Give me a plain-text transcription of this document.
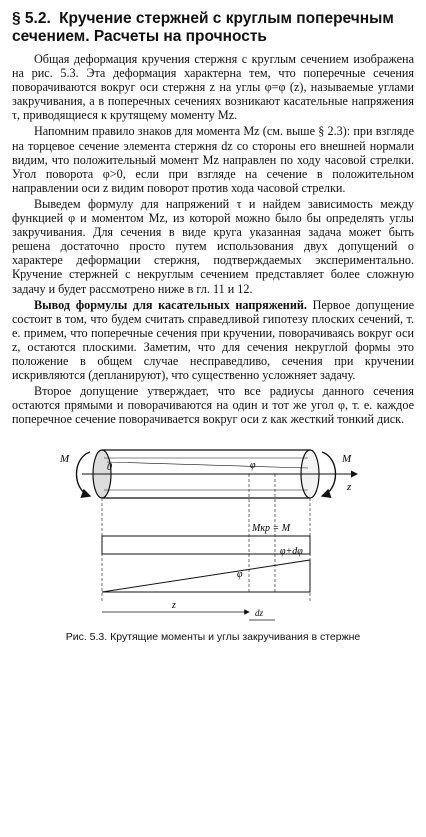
§ 5.2. Кручение стержней с круглым поперечным сечением. Расчеты на прочность

Общая деформация кручения стержня с круглым сечением изображена на рис. 5.3. Эта деформация характерна тем, что поперечные сечения поворачиваются вокруг оси стержня z на углы φ=φ (z), называемые углами закручивания, а в поперечных сечениях возникают касательные напряжения τ, приводящиеся к крутящему моменту Mz.

Напомним правило знаков для момента Mz (см. выше § 2.3): при взгляде на торцевое сечение элемента стержня dz со стороны его внешней нормали видим, что положительный момент Mz направлен по ходу часовой стрелки. Угол поворота φ>0, если при взгляде на сечение в положительном направлении оси z видим поворот против хода часовой стрелки.

Выведем формулу для напряжений τ и найдем зависимость между функцией φ и моментом Mz, из которой можно было бы определять углы закручивания. Для сечения в виде круга указанная задача может быть решена достаточно просто путем использования двух допущений о характере деформации стержня, подтверждаемых экспериментально. Кручение стержней с некруглым сечением представляет более сложную задачу и будет рассмотрено ниже в гл. 11 и 12.

Вывод формулы для касательных напряжений. Первое допущение состоит в том, что будем считать справедливой гипотезу плоских сечений, т. е. примем, что поперечные сечения при кручении, поворачиваясь вокруг оси z, остаются плоскими. Заметим, что для сечения некруглой формы это положение в общем случае несправедливо, сечения при кручении искривляются (депланируют), что существенно усложняет задачу.

Второе допущение утверждает, что все радиусы данного сечения остаются прямыми и поворачиваются на один и тот же угол φ, т. е. каждое поперечное сечение поворачивается вокруг оси z как жесткий тонкий диск.

M	M
0	φ
z
Mкр = M
φ
φ+dφ
z
dz
Рис. 5.3. Крутящие моменты и углы закручивания в стержне
